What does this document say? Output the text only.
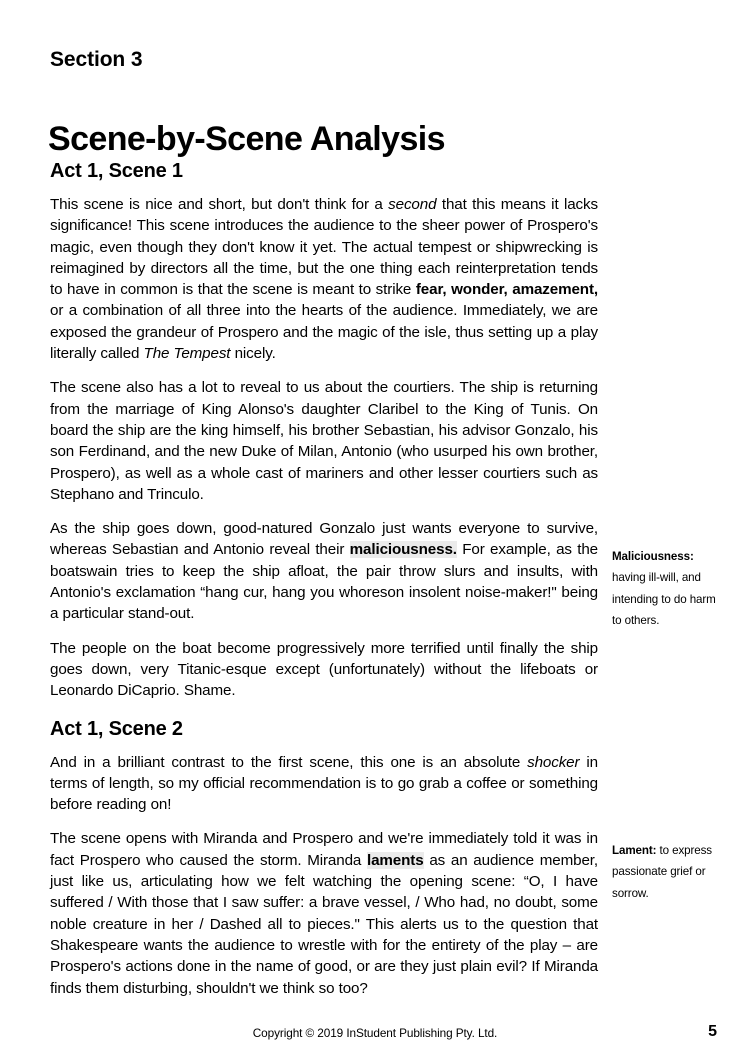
Section 3
Scene-by-Scene Analysis
Act 1, Scene 1

This scene is nice and short, but don't think for a second that this means it lacks significance! This scene introduces the audience to the sheer power of Prospero's magic, even though they don't know it yet. The actual tempest or shipwrecking is reimagined by directors all the time, but the one thing each reinterpretation tends to have in common is that the scene is meant to strike fear, wonder, amazement, or a combination of all three into the hearts of the audience. Immediately, we are exposed the grandeur of Prospero and the magic of the isle, thus setting up a play literally called The Tempest nicely.

The scene also has a lot to reveal to us about the courtiers. The ship is returning from the marriage of King Alonso's daughter Claribel to the King of Tunis. On board the ship are the king himself, his brother Sebastian, his advisor Gonzalo, his son Ferdinand, and the new Duke of Milan, Antonio (who usurped his own brother, Prospero), as well as a whole cast of mariners and other lesser courtiers such as Stephano and Trinculo.

As the ship goes down, good-natured Gonzalo just wants everyone to survive, whereas Sebastian and Antonio reveal their maliciousness. For example, as the boatswain tries to keep the ship afloat, the pair throw slurs and insults, with Antonio's exclamation “hang cur, hang you whoreson insolent noise-maker!" being a particular stand-out.

The people on the boat become progressively more terrified until finally the ship goes down, very Titanic-esque except (unfortunately) without the lifeboats or Leonardo DiCaprio. Shame.

Act 1, Scene 2

And in a brilliant contrast to the first scene, this one is an absolute shocker in terms of length, so my official recommendation is to go grab a coffee or something before reading on!

The scene opens with Miranda and Prospero and we're immediately told it was in fact Prospero who caused the storm. Miranda laments as an audience member, just like us, articulating how we felt watching the opening scene: “O, I have suffered / With those that I saw suffer: a brave vessel, / Who had, no doubt, some noble creature in her / Dashed all to pieces." This alerts us to the question that Shakespeare wants the audience to wrestle with for the entirety of the play – are Prospero's actions done in the name of good, or are they just plain evil? If Miranda finds them disturbing, shouldn't we think so too?

Maliciousness: having ill-will, and intending to do harm to others.
Lament: to express passionate grief or sorrow.
Copyright © 2019 InStudent Publishing Pty. Ltd.	5
